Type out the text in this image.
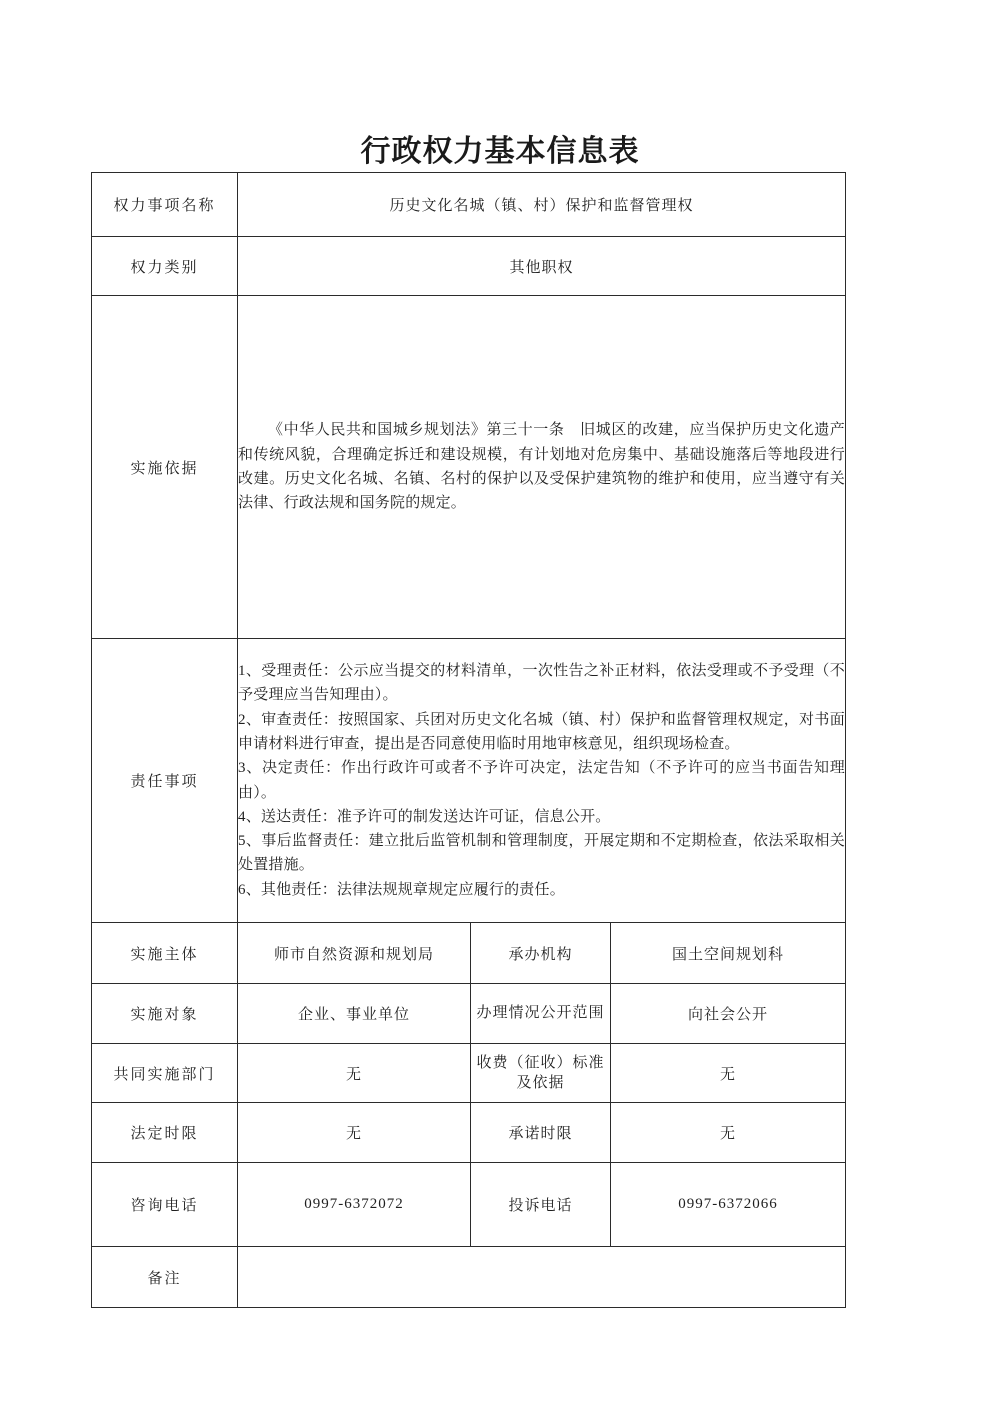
行政权力基本信息表
权力事项名称	历史文化名城（镇、村）保护和监督管理权		
权力类别	其他职权		
实施依据	《中华人民共和国城乡规划法》第三十一条　旧城区的改建，应当保护历史文化遗产和传统风貌，合理确定拆迁和建设规模，有计划地对危房集中、基础设施落后等地段进行改建。历史文化名城、名镇、名村的保护以及受保护建筑物的维护和使用，应当遵守有关法律、行政法规和国务院的规定。		

责任事项	

1、受理责任：公示应当提交的材料清单，一次性告之补正材料，依法受理或不予受理（不予受理应当告知理由）。

2、审查责任：按照国家、兵团对历史文化名城（镇、村）保护和监督管理权规定，对书面申请材料进行审查，提出是否同意使用临时用地审核意见，组织现场检查。

3、决定责任：作出行政许可或者不予许可决定，法定告知（不予许可的应当书面告知理由）。

4、送达责任：准予许可的制发送达许可证，信息公开。

5、事后监督责任：建立批后监管机制和管理制度，开展定期和不定期检查，依法采取相关处置措施。

6、其他责任：法律法规规章规定应履行的责任。

实施主体	师市自然资源和规划局	承办机构	国土空间规划科
实施对象	企业、事业单位	办理情况公开范围	向社会公开
共同实施部门	无	收费（征收）标准及依据	无
法定时限	无	承诺时限	无
咨询电话	0997-6372072	投诉电话	0997-6372066
备注			
